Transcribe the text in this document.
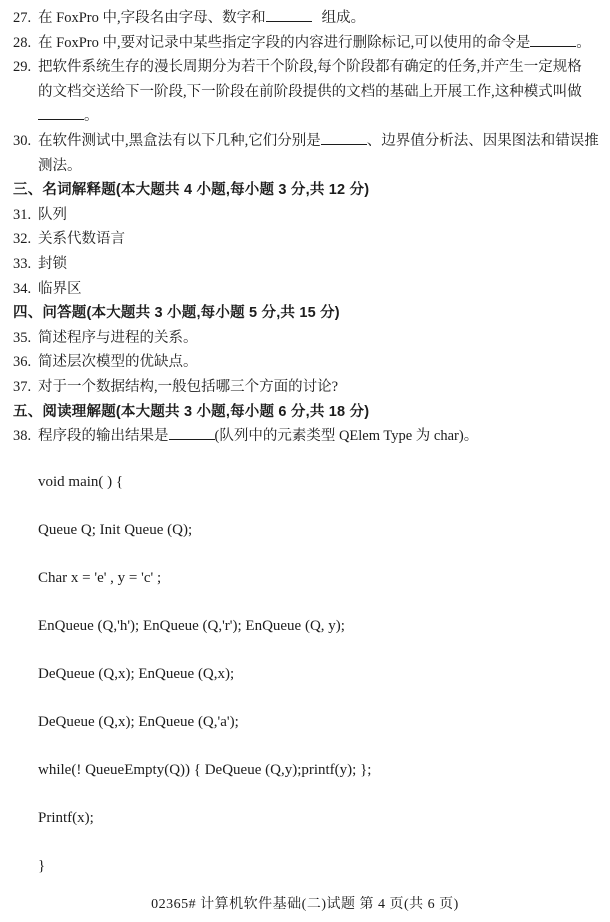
27. 在 FoxPro 中,字段名由字母、数字和	组成。
28. 在 FoxPro 中,要对记录中某些指定字段的内容进行删除标记,可以使用的命令是	。
29. 把软件系统生存的漫长周期分为若干个阶段,每个阶段都有确定的任务,并产生一定规格
的文档交送给下一阶段,下一阶段在前阶段提供的文档的基础上开展工作,这种模式叫做
。
30. 在软件测试中,黑盒法有以下几种,它们分别是	、边界值分析法、因果图法和错误推
测法。
三、名词解释题(本大题共 4 小题,每小题 3 分,共 12 分)
31. 队列
32. 关系代数语言
33. 封锁
34. 临界区
四、问答题(本大题共 3 小题,每小题 5 分,共 15 分)
35. 简述程序与进程的关系。
36. 简述层次模型的优缺点。
37. 对于一个数据结构,一般包括哪三个方面的讨论?
五、阅读理解题(本大题共 3 小题,每小题 6 分,共 18 分)
38. 程序段的输出结果是	(队列中的元素类型 QElem Type 为 char)。
void main( ) {
Queue Q; Init Queue (Q);
Char x = 'e' , y = 'c' ;
EnQueue (Q,'h'); EnQueue (Q,'r'); EnQueue (Q, y);
DeQueue (Q,x); EnQueue (Q,x);
DeQueue (Q,x); EnQueue (Q,'a');
while(! QueueEmpty(Q)) { DeQueue (Q,y);printf(y); };
Printf(x);
}
02365# 计算机软件基础(二)试题 第 4 页(共 6 页)
